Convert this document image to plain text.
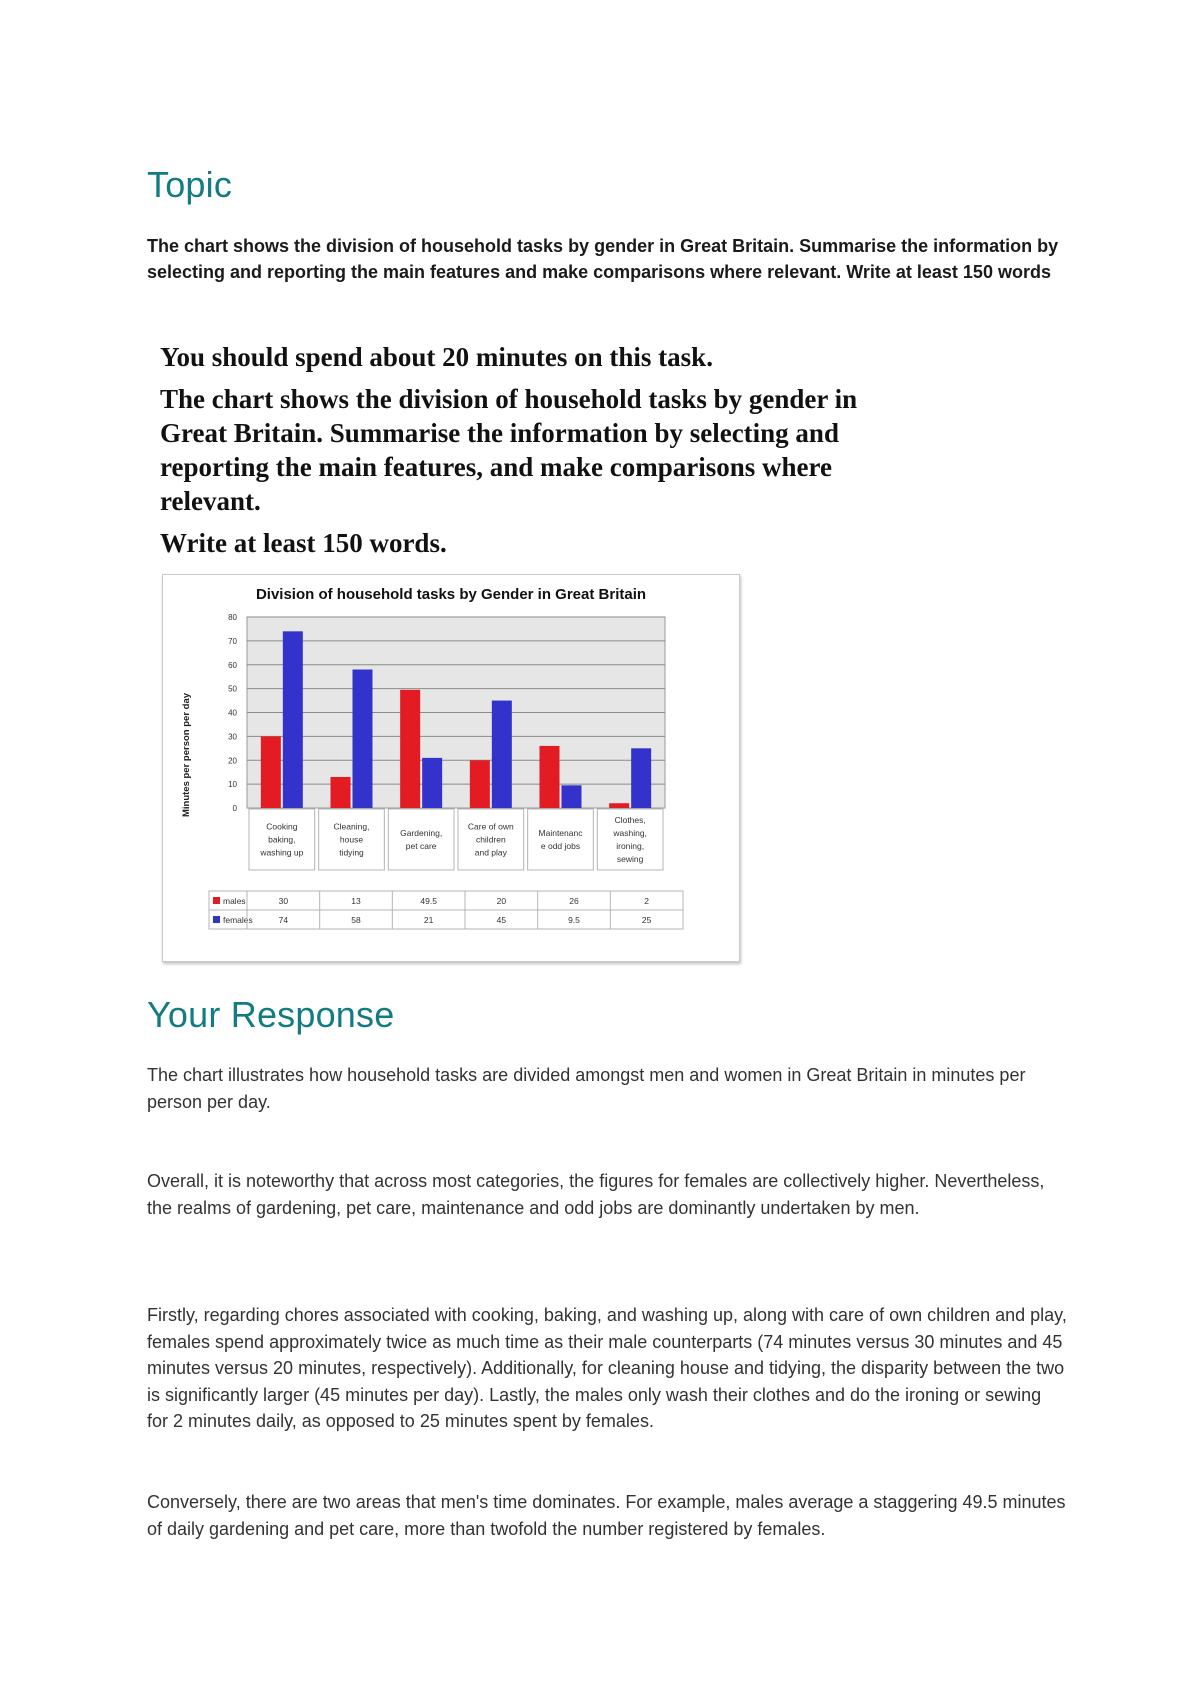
Topic

The chart shows the division of household tasks by gender in Great Britain. Summarise the information by selecting and reporting the main features and make comparisons where relevant. Write at least 150 words

You should spend about 20 minutes on this task.

The chart shows the division of household tasks by gender in Great Britain. Summarise the information by selecting and reporting the main features, and make comparisons where relevant.

Write at least 150 words.

Division of household tasks by Gender in Great Britain
Minutes per person per day	0
10
20
30
40
50
60
70
80
Cooking
baking,
washing up
Cleaning,
house
tidying
Gardening,
pet care
Care of own
children
and play
Maintenanc
e odd jobs
Clothes,
washing,
ironing,
sewing
males	30	13	49.5	20	26	2
females	74	58	21	45	9.5	25
Your Response

The chart illustrates how household tasks are divided amongst men and women in Great Britain in minutes per person per day.

Overall, it is noteworthy that across most categories, the figures for females are collectively higher. Nevertheless, the realms of gardening, pet care, maintenance and odd jobs are dominantly undertaken by men.

Firstly, regarding chores associated with cooking, baking, and washing up, along with care of own children and play, females spend approximately twice as much time as their male counterparts (74 minutes versus 30 minutes and 45 minutes versus 20 minutes, respectively). Additionally, for cleaning house and tidying, the disparity between the two is significantly larger (45 minutes per day). Lastly, the males only wash their clothes and do the ironing or sewing for 2 minutes daily, as opposed to 25 minutes spent by females.

Conversely, there are two areas that men's time dominates. For example, males average a staggering 49.5 minutes of daily gardening and pet care, more than twofold the number registered by females.
